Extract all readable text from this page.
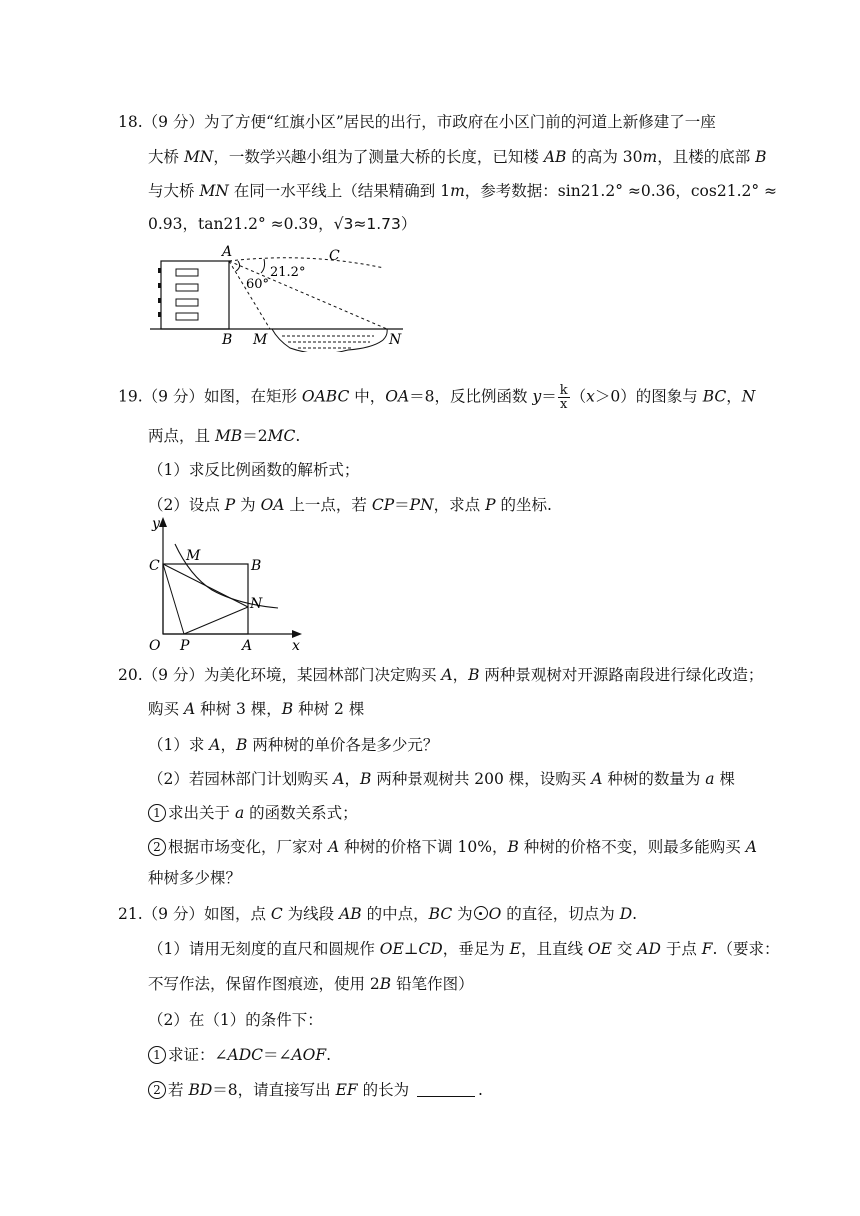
18.（9 分）为了方便“红旗小区”居民的出行，市政府在小区门前的河道上新修建了一座
大桥 MN，一数学兴趣小组为了测量大桥的长度，已知楼 AB 的高为 30m，且楼的底部 B
与大桥 MN 在同一水平线上（结果精确到 1m，参考数据：sin21.2° ≈0.36，cos21.2° ≈
0.93，tan21.2° ≈0.39，√3≈1.73）
A	C
21.2°
60°
B M	N
19.（9 分）如图，在矩形 OABC 中，OA＝8，反比例函数 $y= \frac{k}{x} (x>0)$的图象与 BC，N
两点，且 MB＝2MC.
（1）求反比例函数的解析式；
（2）设点 P 为 OA 上一点，若 CP＝PN，求点 P 的坐标.
y
x
C
M
B
N
O P	A
20.（9 分）为美化环境，某园林部门决定购买 A，B 两种景观树对开源路南段进行绿化改造；
购买 A 种树 3 棵，B 种树 2 棵
（1）求 A，B 两种树的单价各是多少元？
（2）若园林部门计划购买 A，B 两种景观树共 200 棵，设购买 A 种树的数量为 a 棵
1 求出关于 a 的函数关系式；
2 根据市场变化，厂家对 A 种树的价格下调 10%，B 种树的价格不变，则最多能购买 A
种树多少棵？
21.（9 分）如图，点 C 为线段 AB 的中点，BC 为 O 的直径，切点为 D.
（1）请用无刻度的直尺和圆规作 OE⊥CD，垂足为 E，且直线 OE 交 AD 于点 F.（要求：
不写作法，保留作图痕迹，使用 2B 铅笔作图）
（2）在（1）的条件下：
1 求证：∠ADC＝∠AOF.
2 若 BD＝8，请直接写出 EF 的长为	.
